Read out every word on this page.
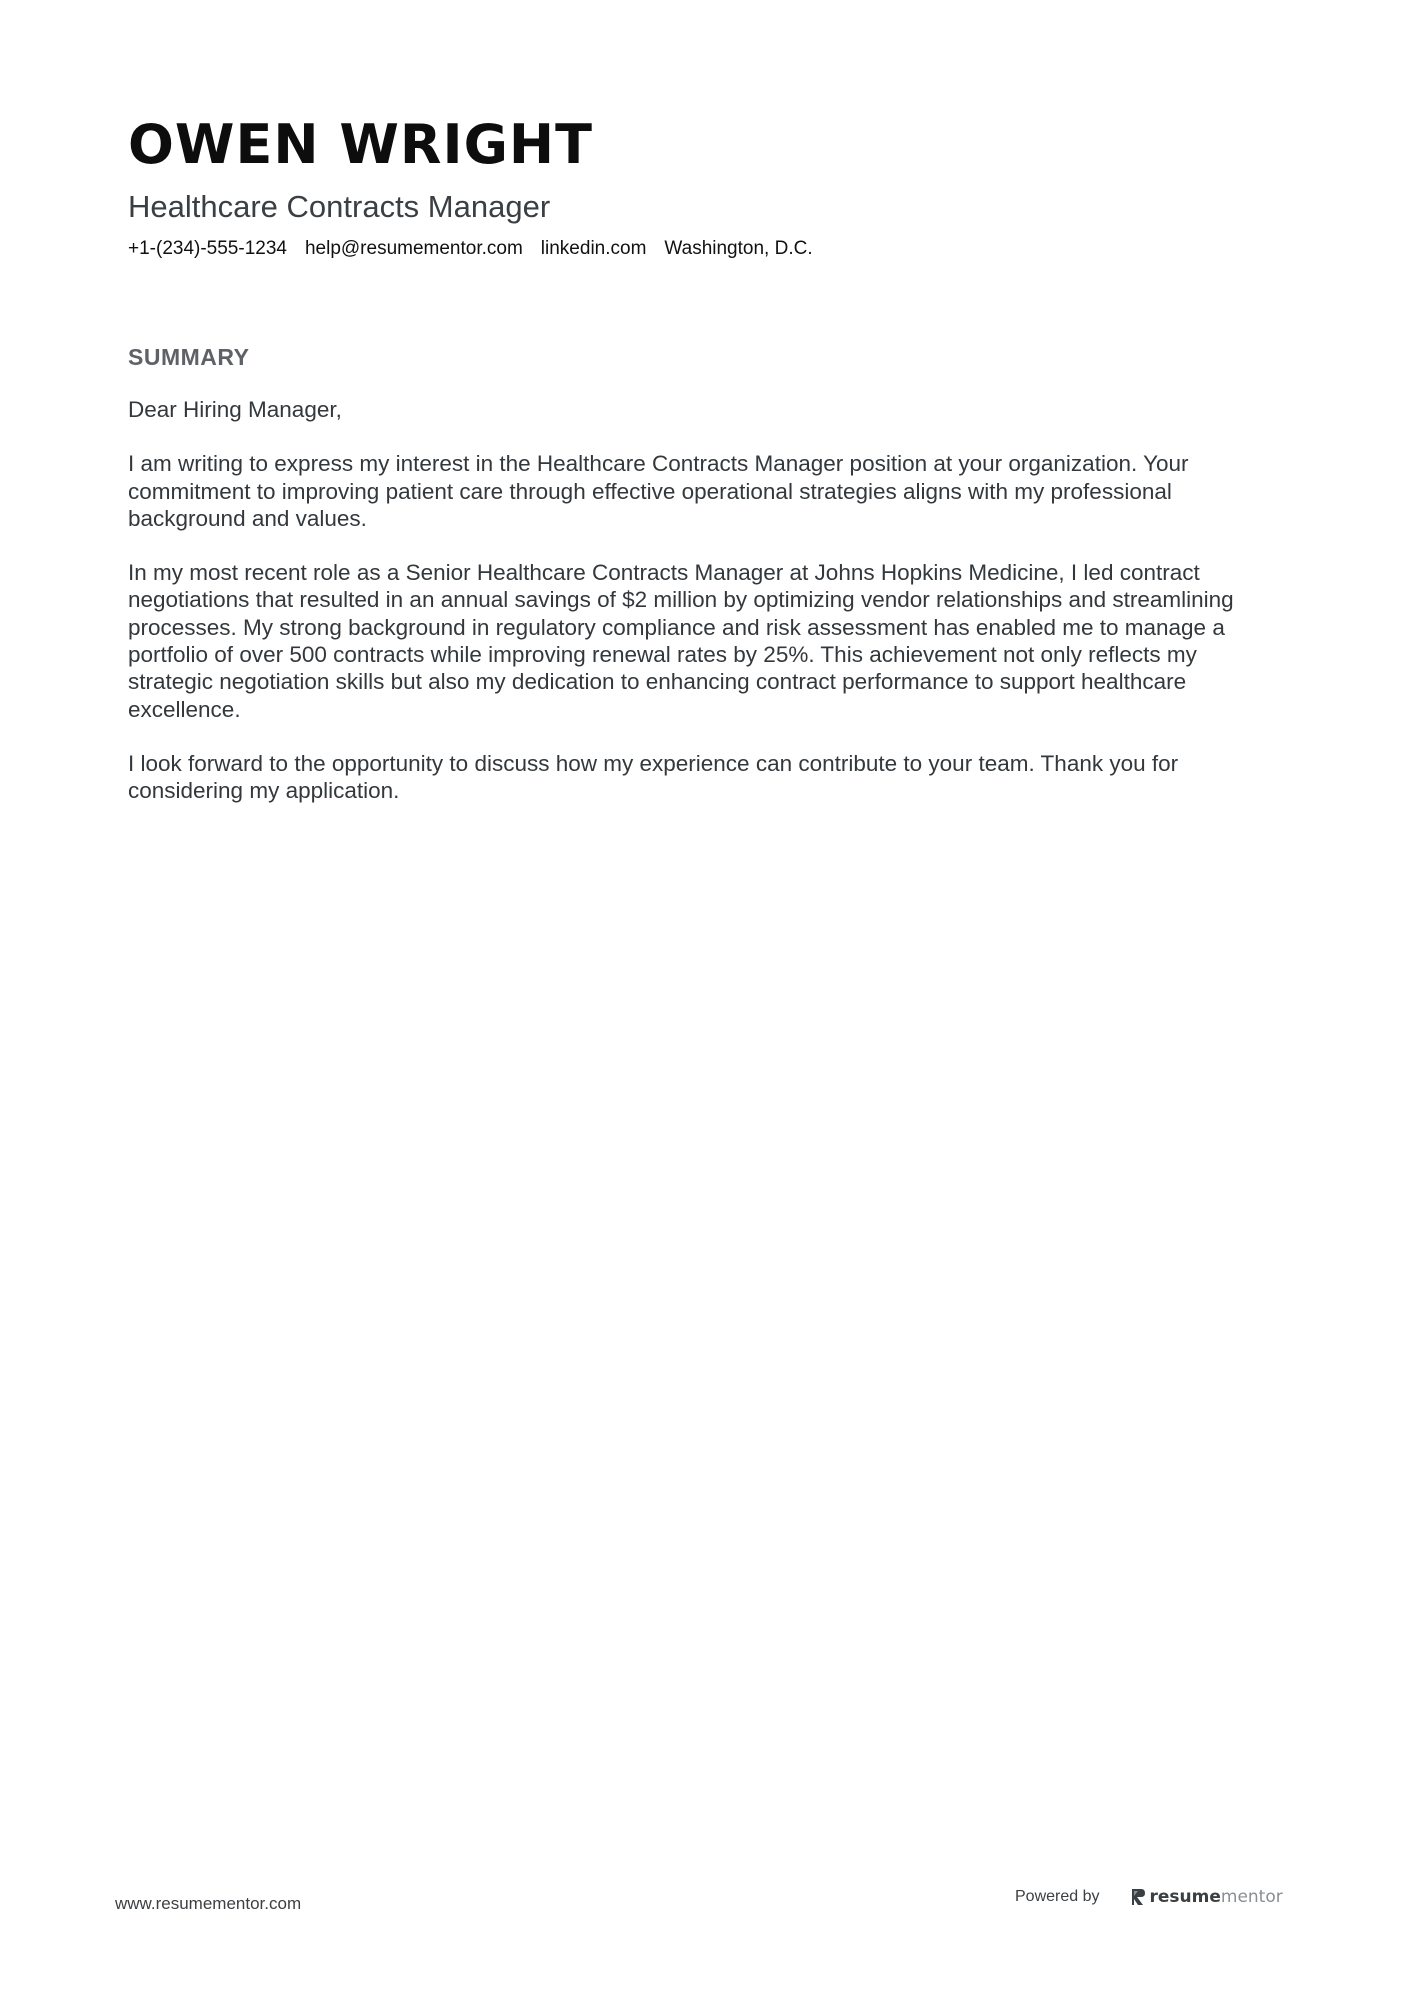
OWEN WRIGHT
Healthcare Contracts Manager
+1-(234)-555-1234 help@resumementor.com linkedin.com Washington, D.C.
SUMMARY

Dear Hiring Manager,

I am writing to express my interest in the Healthcare Contracts Manager position at your organization. Your commitment to improving patient care through effective operational strategies aligns with my professional background and values.

In my most recent role as a Senior Healthcare Contracts Manager at Johns Hopkins Medicine, I led contract negotiations that resulted in an annual savings of $2 million by optimizing vendor relationships and streamlining processes. My strong background in regulatory compliance and risk assessment has enabled me to manage a portfolio of over 500 contracts while improving renewal rates by 25%. This achievement not only reflects my strategic negotiation skills but also my dedication to enhancing contract performance to support healthcare excellence.

I look forward to the opportunity to discuss how my experience can contribute to your team. Thank you for considering my application.

www.resumementor.com	Powered by	resumementor
